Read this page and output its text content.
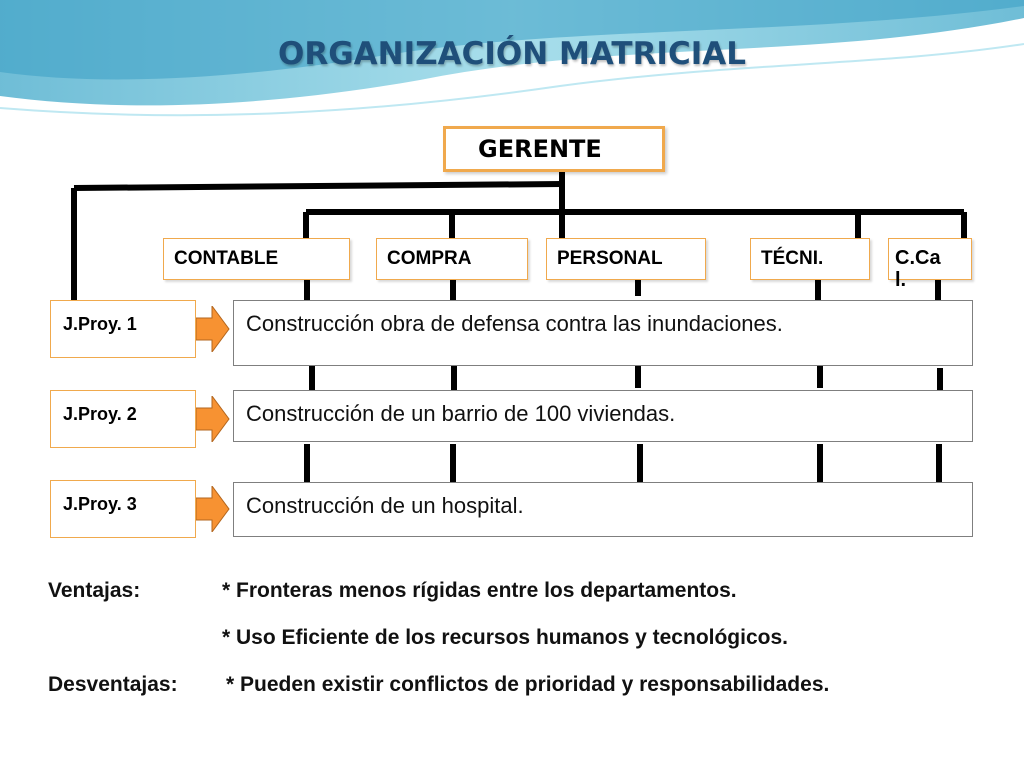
ORGANIZACIÓN MATRICIAL
GERENTE
CONTABLE	COMPRA	PERSONAL	TÉCNI.	C.Ca
l.
J.Proy. 1
J.Proy. 2
J.Proy. 3
Construcción obra de defensa contra las inundaciones.
Construcción de un barrio de 100 viviendas.
Construcción de un hospital.
Ventajas:	* Fronteras menos rígidas entre los departamentos.
* Uso Eficiente de los recursos humanos y tecnológicos.
Desventajas: * Pueden existir conflictos de prioridad y responsabilidades.
